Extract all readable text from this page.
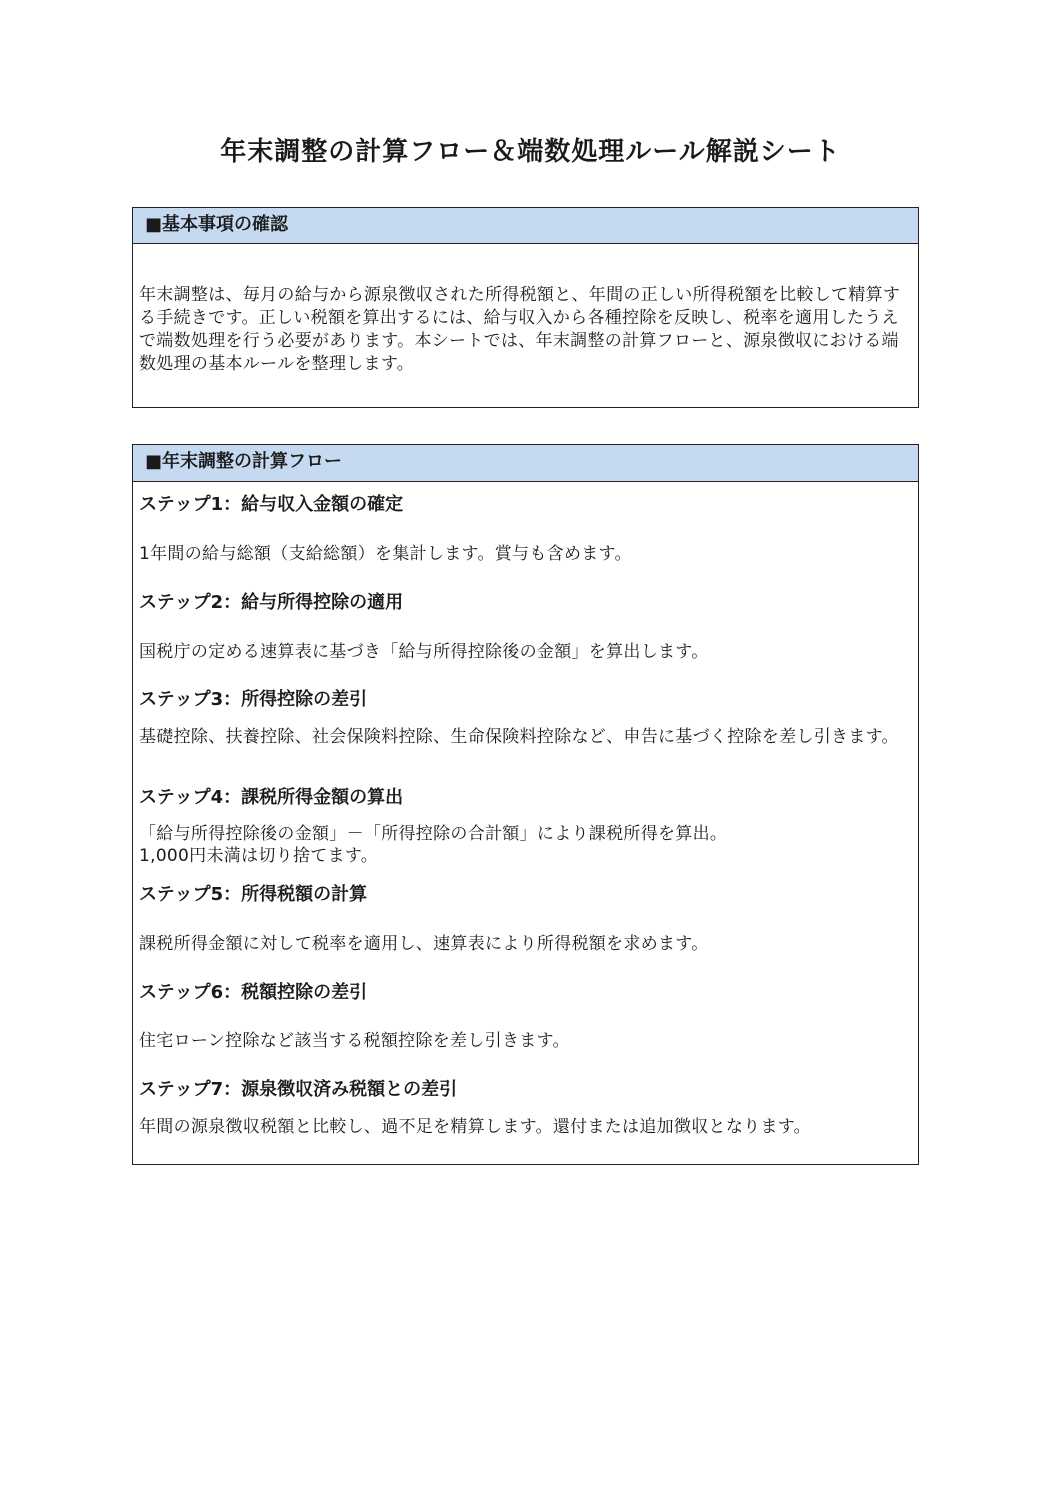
年末調整の計算フロー＆端数処理ルール解説シート
■基本事項の確認
年末調整は、毎月の給与から源泉徴収された所得税額と、年間の正しい所得税額を比較して精算する手続きです。正しい税額を算出するには、給与収入から各種控除を反映し、税率を適用したうえで端数処理を行う必要があります。本シートでは、年末調整の計算フローと、源泉徴収における端数処理の基本ルールを整理します。
■年末調整の計算フロー
ステップ1：給与収入金額の確定
1年間の給与総額（支給総額）を集計します。賞与も含めます。
ステップ2：給与所得控除の適用
国税庁の定める速算表に基づき「給与所得控除後の金額」を算出します。
ステップ3：所得控除の差引
基礎控除、扶養控除、社会保険料控除、生命保険料控除など、申告に基づく控除を差し引きます。
ステップ4：課税所得金額の算出
「給与所得控除後の金額」－「所得控除の合計額」により課税所得を算出。
1,000円未満は切り捨てます。
ステップ5：所得税額の計算
課税所得金額に対して税率を適用し、速算表により所得税額を求めます。
ステップ6：税額控除の差引
住宅ローン控除など該当する税額控除を差し引きます。
ステップ7：源泉徴収済み税額との差引
年間の源泉徴収税額と比較し、過不足を精算します。還付または追加徴収となります。
